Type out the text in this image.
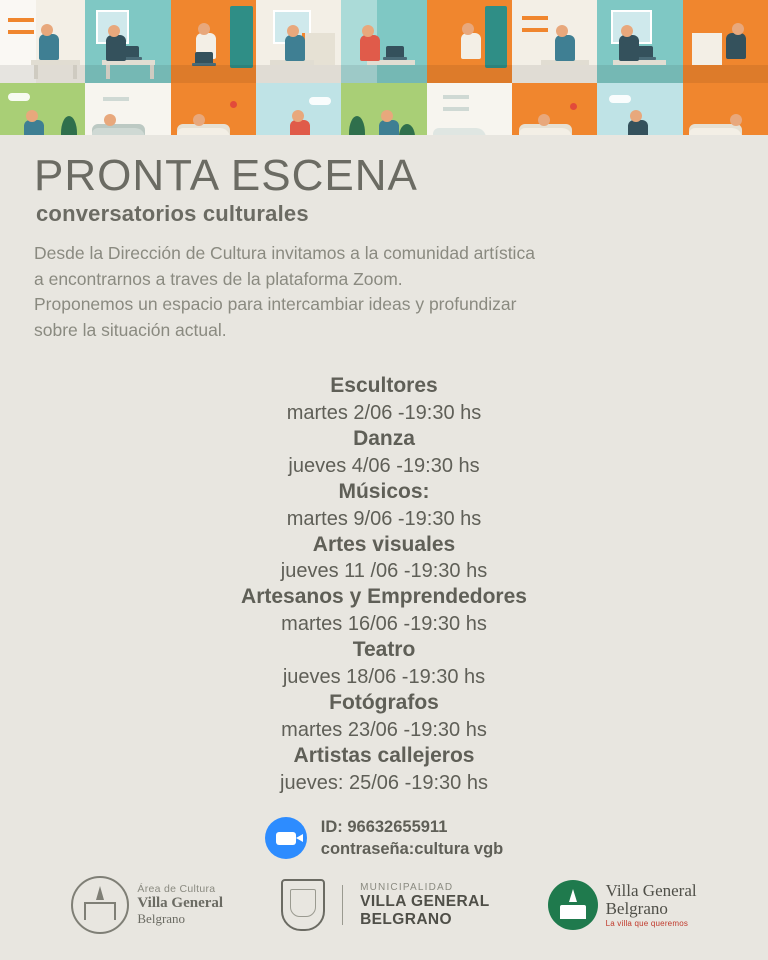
PRONTA ESCENA
conversatorios culturales
Desde la Dirección de Cultura invitamos a la comunidad artística
a encontrarnos a traves de la plataforma Zoom.
Proponemos un espacio para intercambiar ideas y profundizar
sobre la situación actual.
Escultores
martes 2/06 -19:30 hs
Danza
jueves 4/06 -19:30 hs
Músicos:
martes 9/06 -19:30 hs
Artes visuales
jueves 11 /06 -19:30 hs
Artesanos y Emprendedores
martes 16/06 -19:30 hs
Teatro
jueves 18/06 -19:30 hs
Fotógrafos
martes 23/06 -19:30 hs
Artistas callejeros
jueves: 25/06 -19:30 hs
ID: 96632655911
contraseña:cultura vgb
Área de Cultura
Villa General
Belgrano
MUNICIPALIDAD
VILLA GENERAL
BELGRANO
Villa General
Belgrano
La villa que queremos
